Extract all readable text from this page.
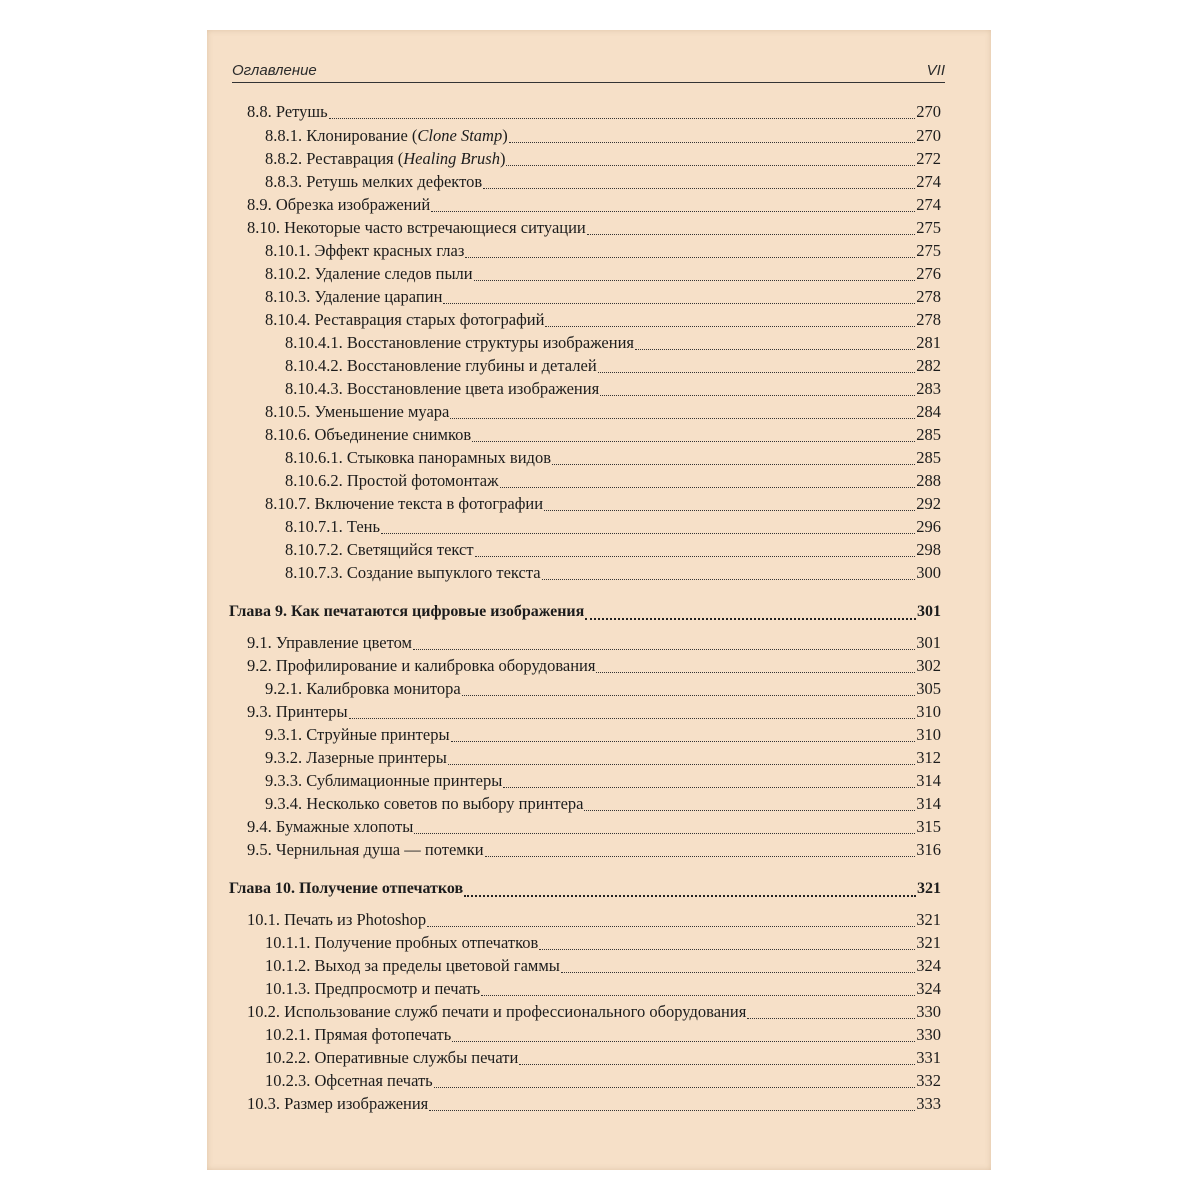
Оглавление	VII
8.8. Ретушь	270
8.8.1. Клонирование (Clone Stamp)	270
8.8.2. Реставрация (Healing Brush)	272
8.8.3. Ретушь мелких дефектов	274
8.9. Обрезка изображений	274
8.10. Некоторые часто встречающиеся ситуации	275
8.10.1. Эффект красных глаз	275
8.10.2. Удаление следов пыли	276
8.10.3. Удаление царапин	278
8.10.4. Реставрация старых фотографий	278
8.10.4.1. Восстановление структуры изображения	281
8.10.4.2. Восстановление глубины и деталей	282
8.10.4.3. Восстановление цвета изображения	283
8.10.5. Уменьшение муара	284
8.10.6. Объединение снимков	285
8.10.6.1. Стыковка панорамных видов	285
8.10.6.2. Простой фотомонтаж	288
8.10.7. Включение текста в фотографии	292
8.10.7.1. Тень	296
8.10.7.2. Светящийся текст	298
8.10.7.3. Создание выпуклого текста	300
Глава 9. Как печатаются цифровые изображения	301
9.1. Управление цветом	301
9.2. Профилирование и калибровка оборудования	302
9.2.1. Калибровка монитора	305
9.3. Принтеры	310
9.3.1. Струйные принтеры	310
9.3.2. Лазерные принтеры	312
9.3.3. Сублимационные принтеры	314
9.3.4. Несколько советов по выбору принтера	314
9.4. Бумажные хлопоты	315
9.5. Чернильная душа — потемки	316
Глава 10. Получение отпечатков	321
10.1. Печать из Photoshop	321
10.1.1. Получение пробных отпечатков	321
10.1.2. Выход за пределы цветовой гаммы	324
10.1.3. Предпросмотр и печать	324
10.2. Использование служб печати и профессионального оборудования	330
10.2.1. Прямая фотопечать	330
10.2.2. Оперативные службы печати	331
10.2.3. Офсетная печать	332
10.3. Размер изображения	333
